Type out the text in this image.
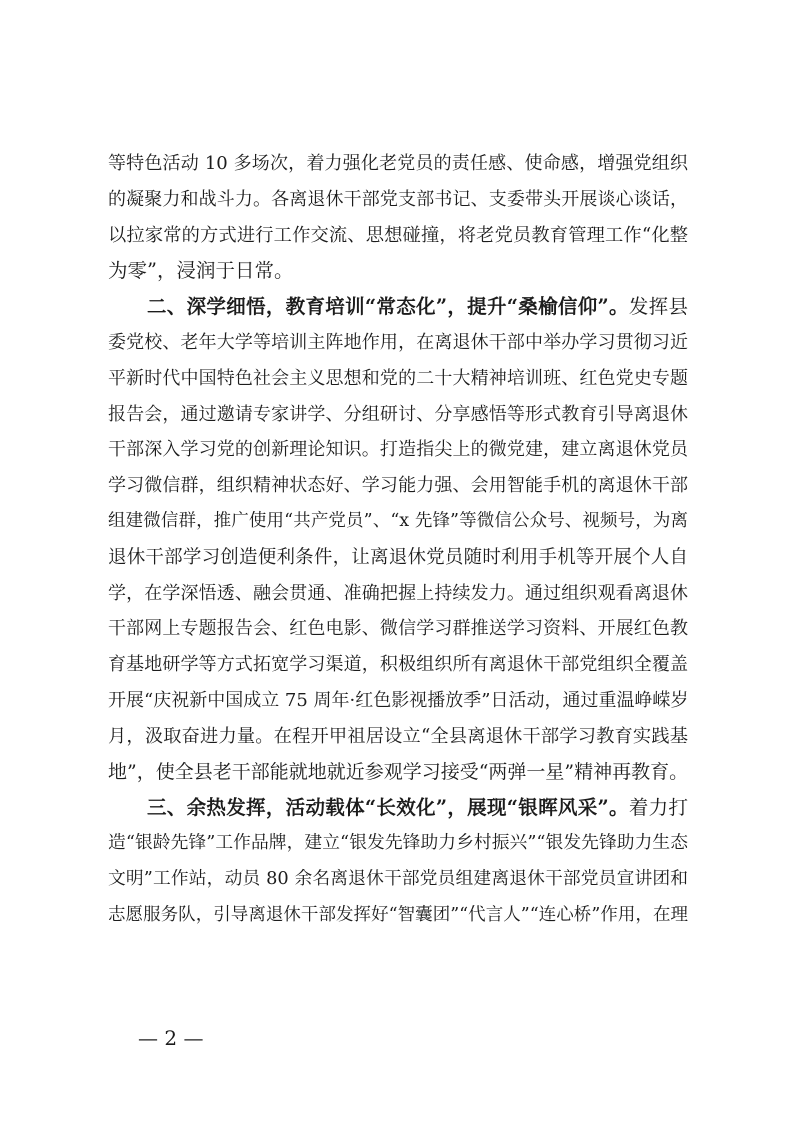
等特色活动 10 多场次，着力强化老党员的责任感、使命感，增强党组织
的凝聚力和战斗力。各离退休干部党支部书记、支委带头开展谈心谈话，
以拉家常的方式进行工作交流、思想碰撞，将老党员教育管理工作“化整
为零”，浸润于日常。
二、深学细悟，教育培训“常态化”，提升“桑榆信仰”。发挥县
委党校、老年大学等培训主阵地作用，在离退休干部中举办学习贯彻习近
平新时代中国特色社会主义思想和党的二十大精神培训班、红色党史专题
报告会，通过邀请专家讲学、分组研讨、分享感悟等形式教育引导离退休
干部深入学习党的创新理论知识。打造指尖上的微党建，建立离退休党员
学习微信群，组织精神状态好、学习能力强、会用智能手机的离退休干部
组建微信群，推广使用“共产党员”、“x 先锋”等微信公众号、视频号，为离
退休干部学习创造便利条件，让离退休党员随时利用手机等开展个人自
学，在学深悟透、融会贯通、准确把握上持续发力。通过组织观看离退休
干部网上专题报告会、红色电影、微信学习群推送学习资料、开展红色教
育基地研学等方式拓宽学习渠道，积极组织所有离退休干部党组织全覆盖
开展“庆祝新中国成立 75 周年·红色影视播放季”日活动，通过重温峥嵘岁
月，汲取奋进力量。在程开甲祖居设立“全县离退休干部学习教育实践基
地”，使全县老干部能就地就近参观学习接受“两弹一星”精神再教育。
三、余热发挥，活动载体“长效化”，展现“银晖风采”。着力打
造“银龄先锋”工作品牌，建立“银发先锋助力乡村振兴”“银发先锋助力生态
文明”工作站，动员 80 余名离退休干部党员组建离退休干部党员宣讲团和
志愿服务队，引导离退休干部发挥好“智囊团”“代言人”“连心桥”作用，在理
— 2 —
